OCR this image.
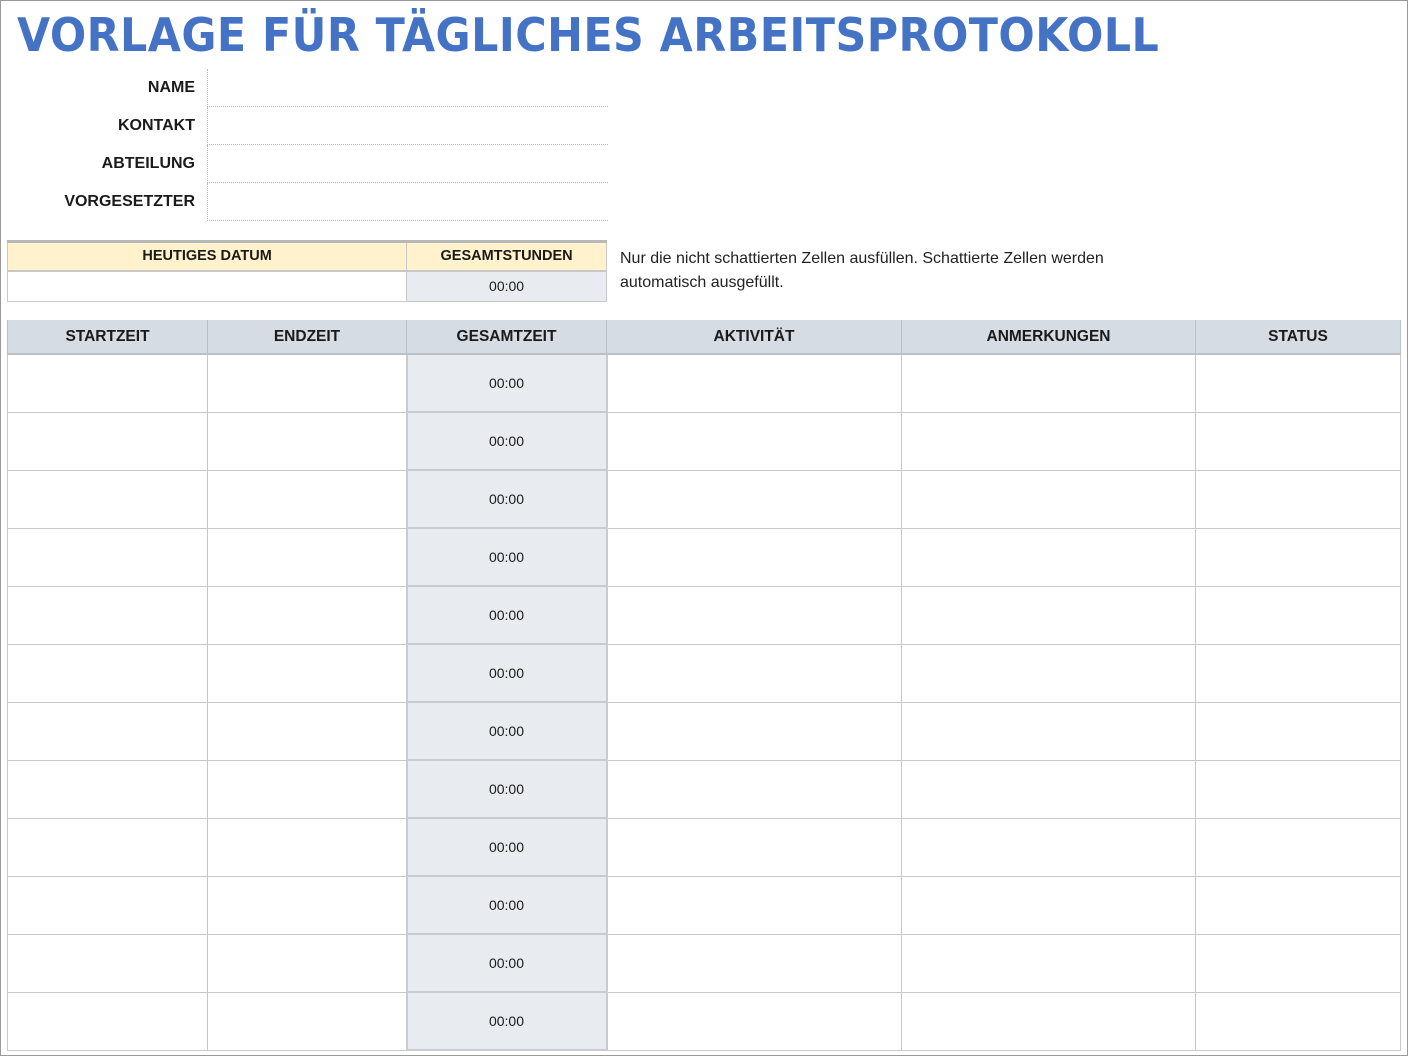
VORLAGE FÜR TÄGLICHES ARBEITSPROTOKOLL
NAME
KONTAKT
ABTEILUNG
VORGESETZTER
HEUTIGES DATUM	GESAMTSTUNDEN
	00:00
Nur die nicht schattierten Zellen ausfüllen. Schattierte Zellen werden automatisch ausgefüllt.
STARTZEIT	ENDZEIT	GESAMTZEIT	AKTIVITÄT	ANMERKUNGEN	STATUS
		00:00			
		00:00			
		00:00			
		00:00			
		00:00			
		00:00			
		00:00			
		00:00			
		00:00			
		00:00			
		00:00			
		00:00			
